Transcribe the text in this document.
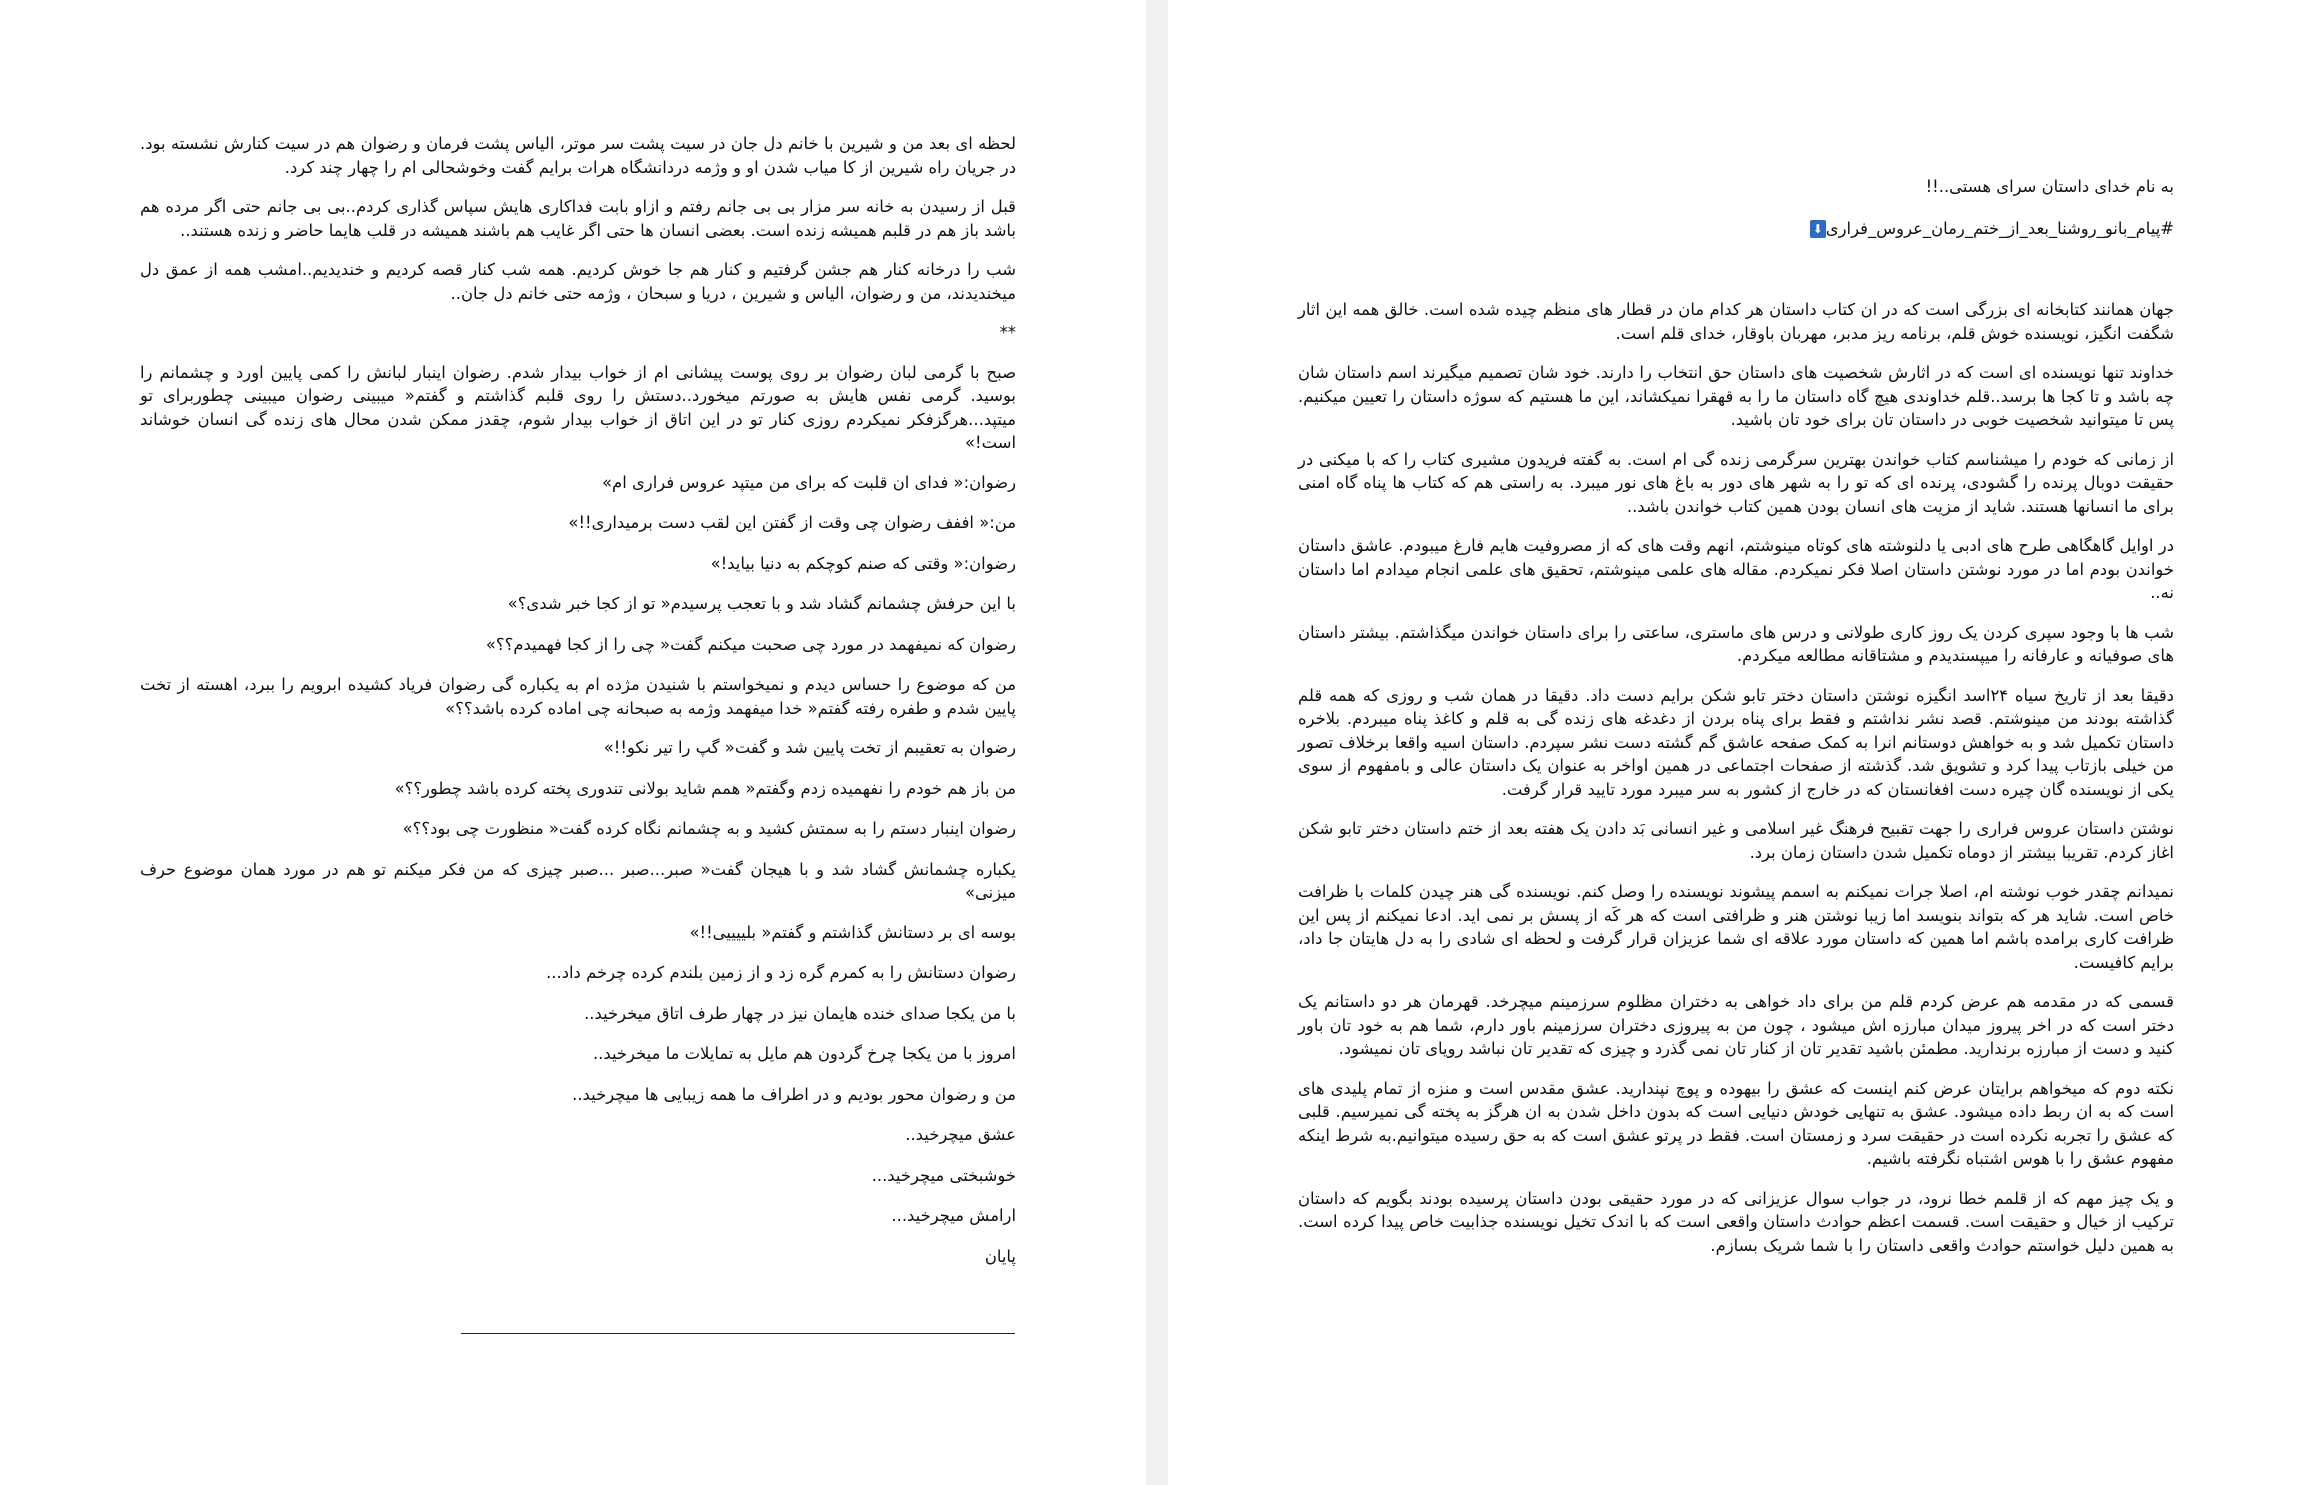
لحظه ای بعد من و شیرین با خانم دل جان در سیت پشت سر موتر، الیاس پشت فرمان و رضوان هم در سیت کنارش نشسته بود. در جریان راه شیرین از کا میاب شدن او و وژمه دردانشگاه هرات برایم گفت وخوشحالی ام را چهار چند کرد.

قبل از رسیدن به خانه سر مزار بی بی جانم رفتم و ازاو بابت فداکاری هایش سپاس گذاری کردم..بی بی جانم حتی اگر مرده هم باشد باز هم در قلبم همیشه زنده است. بعضی انسان ها حتی اگر غایب هم باشند همیشه در قلب هایما حاضر و زنده هستند..

شب را درخانه کنار هم جشن گرفتیم و کنار هم جا خوش کردیم. همه شب کنار قصه کردیم و خندیدیم..امشب همه از عمق دل میخندیدند، من و رضوان، الیاس و شیرین ، دریا و سبحان ، وژمه حتی خانم دل جان..

**

صبح با گرمی لبان رضوان بر روی پوست پیشانی ام از خواب بیدار شدم. رضوان اینبار لبانش را کمی پایین اورد و چشمانم را بوسید. گرمی نفس هایش به صورتم میخورد..دستش را روی قلبم گذاشتم و گفتم« میبینی رضوان میبینی چطوربرای تو میتپد...هرگزفکر نمیکردم روزی کنار تو در این اتاق از خواب بیدار شوم، چقدز ممکن شدن محال های زنده گی انسان خوشاند است!»

رضوان:« فدای ان قلبت که برای من میتپد عروس فراری ام»

من:« اففف رضوان چی وقت از گفتن این لقب دست برمیداری!!»

رضوان:« وقتی که صنم کوچکم به دنیا بیاید!»

با این حرفش چشمانم گشاد شد و با تعجب پرسیدم« تو از کجا خبر شدی؟»

رضوان که نمیفهمد در مورد چی صحبت میکنم گفت« چی را از کجا فهمیدم؟؟»

من که موضوع را حساس دیدم و نمیخواستم با شنیدن مژده ام به یکباره گی رضوان فریاد کشیده ابرویم را ببرد، اهسته از تخت پایین شدم و طفره رفته گفتم« خدا میفهمد وژمه به صبحانه چی اماده کرده باشد؟؟»

رضوان به تعقیبم از تخت پایین شد و گفت« گپ را تیر نکو!!»

من باز هم خودم را نفهمیده زدم وگفتم« همم شاید بولانی تندوری پخته کرده باشد چطور؟؟»

رضوان اینبار دستم را به سمتش کشید و به چشمانم نگاه کرده گفت« منظورت چی بود؟؟»

یکباره چشمانش گشاد شد و با هیجان گفت« صبر...صبر ...صبر چیزی که من فکر میکنم تو هم در مورد همان موضوع حرف میزنی»

بوسه ای بر دستانش گذاشتم و گفتم« بلییییی!!»

رضوان دستانش را به کمرم گره زد و از زمین بلندم کرده چرخم داد...

با من یکجا صدای خنده هایمان نیز در چهار طرف اتاق میخرخید..

امروز با من یکجا چرخ گردون هم مایل به تمایلات ما میخرخید..

من و رضوان محور بودیم و در اطراف ما همه زیبایی ها میچرخید..

عشق میچرخید..

خوشبختی میچرخید...

ارامش میچرخید...

پایان

به نام خدای داستان سرای هستی..!!

#پیام_بانو_روشنا_بعد_از_ختم_رمان_عروس_فراری⬇

جهان همانند کتابخانه ای بزرگی است که در ان کتاب داستان هر کدام مان در قطار های منظم چیده شده است. خالق همه این اثار شگفت انگیز، نویسنده خوش قلم، برنامه ریز مدبر، مهربان باوقار، خدای قلم است.

خداوند تنها نویسنده ای است که در اثارش شخصیت های داستان حق انتخاب را دارند. خود شان تصمیم میگیرند اسم داستان شان چه باشد و تا کجا ها برسد..قلم خداوندی هیچ گاه داستان ما را به قهقرا نمیکشاند، این ما هستیم که سوژه داستان را تعیین میکنیم. پس تا میتوانید شخصیت خوبی در داستان تان برای خود تان باشید.

از زمانی که خودم را میشناسم کتاب خواندن بهترین سرگرمی زنده گی ام است. به گفته فریدون مشیری کتاب را که با میکنی در حقیقت دوبال پرنده را گشودی، پرنده ای که تو را به شهر های دور به باغ های نور میبرد. به راستی هم که کتاب ها پناه گاه امنی برای ما انسانها هستند. شاید از مزیت های انسان بودن همین کتاب خواندن باشد..

در اوایل گاهگاهی طرح های ادبی یا دلنوشته های کوتاه مینوشتم، انهم وقت های که از مصروفیت هایم فارغ میبودم. عاشق داستان خواندن بودم اما در مورد نوشتن داستان اصلا فکر نمیکردم. مقاله های علمی مینوشتم، تحقیق های علمی انجام میدادم اما داستان نه..

شب ها با وجود سپری کردن یک روز کاری طولانی و درس های ماستری، ساعتی را برای داستان خواندن میگذاشتم. بیشتر داستان های صوفیانه و عارفانه را میپسندیدم و مشتاقانه مطالعه میکردم.

دقیقا بعد از تاریخ سیاه ۲۴اسد انگیزه نوشتن داستان دختر تابو شکن برایم دست داد. دقیقا در همان شب و روزی که همه قلم گذاشته بودند من مینوشتم. قصد نشر نداشتم و فقط برای پناه بردن از دغدغه های زنده گی به قلم و کاغذ پناه میبردم. بلاخره داستان تکمیل شد و به خواهش دوستانم انرا به کمک صفحه عاشق گم گشته دست نشر سپردم. داستان اسیه واقعا برخلاف تصور من خیلی بازتاب پیدا کرد و تشویق شد. گذشته از صفحات اجتماعی در همین اواخر به عنوان یک داستان عالی و بامفهوم از سوی یکی از نویسنده گان چیره دست افغانستان که در خارج از کشور به سر میبرد مورد تایید قرار گرفت.

نوشتن داستان عروس فراری را جهت تقبیح فرهنگ غیر اسلامی و غیر انسانی بَد دادن یک هفته بعد از ختم داستان دختر تابو شکن اغاز کردم. تقریبا بیشتر از دوماه تکمیل شدن داستان زمان برد.

نمیدانم چقدر خوب نوشته ام، اصلا جرات نمیکنم به اسمم پیشوند نویسنده را وصل کنم. نویسنده گی هنر چیدن کلمات با ظرافت خاص است. شاید هر که بتواند بنویسد اما زیبا نوشتن هنر و ظرافتی است که هر کَه از پسش بر نمی اید. ادعا نمیکنم از پس این ظرافت کاری برامده باشم اما همین که داستان مورد علاقه ای شما عزیزان قرار گرفت و لحظه ای شادی را به دل هایتان جا داد، برایم کافیست.

قسمی که در مقدمه هم عرض کردم قلم من برای داد خواهی به دختران مظلوم سرزمینم میچرخد. قهرمان هر دو داستانم یک دختر است که در اخر پیروز میدان مبارزه اش میشود ، چون من به پیروزی دختران سرزمینم باور دارم، شما هم به خود تان باور کنید و دست از مبارزه برندارید. مطمئن باشید تقدیر تان از کنار تان نمی گذرد و چیزی که تقدیر تان نباشد رویای تان نمیشود.

نکته دوم که میخواهم برایتان عرض کنم اینست که عشق را بیهوده و پوچ نپندارید. عشق مقدس است و منزه از تمام پلیدی های است که به ان ربط داده میشود. عشق به تنهایی خودش دنیایی است که بدون داخل شدن به ان هرگز به پخته گی نمیرسیم. قلبی که عشق را تجربه نکرده است در حقیقت سرد و زمستان است. فقط در پرتو عشق است که به حق رسیده میتوانیم.به شرط اینکه مفهوم عشق را با هوس اشتباه نگرفته باشیم.

و یک چیز مهم که از قلمم خطا نرود، در جواب سوال عزیزانی که در مورد حقیقی بودن داستان پرسیده بودند بگویم که داستان ترکیب از خیال و حقیقت است. قسمت اعظم حوادث داستان واقعی است که با اندک تخیل نویسنده جذابیت خاص پیدا کرده است. به همین دلیل خواستم حوادث واقعی داستان را با شما شریک بسازم.
